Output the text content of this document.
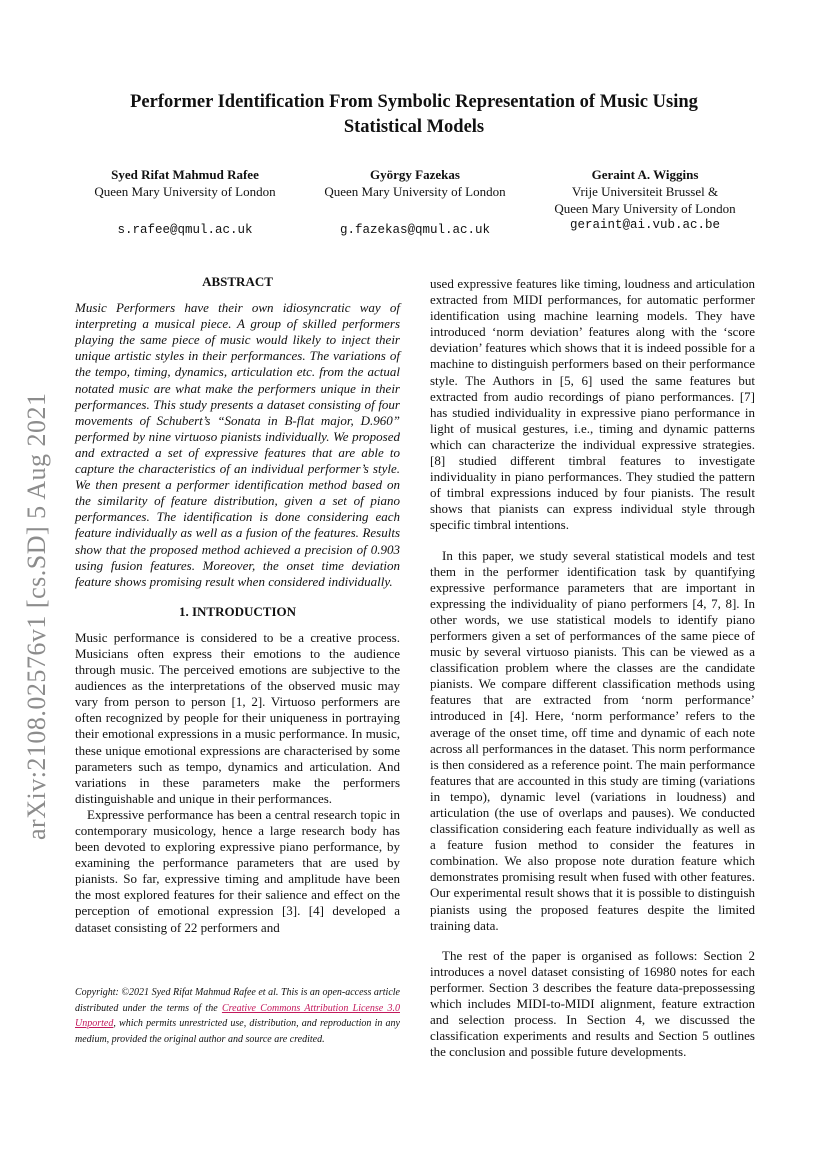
Performer Identification From Symbolic Representation of Music Using
Statistical Models
Syed Rifat Mahmud Rafee
Queen Mary University of London
s.rafee@qmul.ac.uk
György Fazekas
Queen Mary University of London
g.fazekas@qmul.ac.uk
Geraint A. Wiggins
Vrije Universiteit Brussel &
Queen Mary University of London
geraint@ai.vub.ac.be
arXiv:2108.02576v1 [cs.SD] 5 Aug 2021
ABSTRACT

Music Performers have their own idiosyncratic way of interpreting a musical piece. A group of skilled performers playing the same piece of music would likely to inject their unique artistic styles in their performances. The variations of the tempo, timing, dynamics, articulation etc. from the actual notated music are what make the performers unique in their performances. This study presents a dataset consisting of four movements of Schubert’s “Sonata in B-flat major, D.960” performed by nine virtuoso pianists individually. We proposed and extracted a set of expressive features that are able to capture the characteristics of an individual performer’s style. We then present a performer identification method based on the similarity of feature distribution, given a set of piano performances. The identification is done considering each feature individually as well as a fusion of the features. Results show that the proposed method achieved a precision of 0.903 using fusion features. Moreover, the onset time deviation feature shows promising result when considered individually.

1. INTRODUCTION

Music performance is considered to be a creative process. Musicians often express their emotions to the audience through music. The perceived emotions are subjective to the audiences as the interpretations of the observed music may vary from person to person [1, 2]. Virtuoso performers are often recognized by people for their uniqueness in portraying their emotional expressions in a music performance. In music, these unique emotional expressions are characterised by some parameters such as tempo, dynamics and articulation. And variations in these parameters make the performers distinguishable and unique in their performances.

Expressive performance has been a central research topic in contemporary musicology, hence a large research body has been devoted to exploring expressive piano performance, by examining the performance parameters that are used by pianists. So far, expressive timing and amplitude have been the most explored features for their salience and effect on the perception of emotional expression [3]. [4] developed a dataset consisting of 22 performers and

Copyright: ©2021 Syed Rifat Mahmud Rafee et al. This is an open-access article distributed under the terms of the Creative Commons Attribution License 3.0 Unported, which permits unrestricted use, distribution, and reproduction in any medium, provided the original author and source are credited.

used expressive features like timing, loudness and articulation extracted from MIDI performances, for automatic performer identification using machine learning models. They have introduced ‘norm deviation’ features along with the ‘score deviation’ features which shows that it is indeed possible for a machine to distinguish performers based on their performance style. The Authors in [5, 6] used the same features but extracted from audio recordings of piano performances. [7] has studied individuality in expressive piano performance in light of musical gestures, i.e., timing and dynamic patterns which can characterize the individual expressive strategies. [8] studied different timbral features to investigate individuality in piano performances. They studied the pattern of timbral expressions induced by four pianists. The result shows that pianists can express individual style through specific timbral intentions.

In this paper, we study several statistical models and test them in the performer identification task by quantifying expressive performance parameters that are important in expressing the individuality of piano performers [4, 7, 8]. In other words, we use statistical models to identify piano performers given a set of performances of the same piece of music by several virtuoso pianists. This can be viewed as a classification problem where the classes are the candidate pianists. We compare different classification methods using features that are extracted from ‘norm performance’ introduced in [4]. Here, ‘norm performance’ refers to the average of the onset time, off time and dynamic of each note across all performances in the dataset. This norm performance is then considered as a reference point. The main performance features that are accounted in this study are timing (variations in tempo), dynamic level (variations in loudness) and articulation (the use of overlaps and pauses). We conducted classification considering each feature individually as well as a feature fusion method to consider the features in combination. We also propose note duration feature which demonstrates promising result when fused with other features. Our experimental result shows that it is possible to distinguish pianists using the proposed features despite the limited training data.

The rest of the paper is organised as follows: Section 2 introduces a novel dataset consisting of 16980 notes for each performer. Section 3 describes the feature data-prepossessing which includes MIDI-to-MIDI alignment, feature extraction and selection process. In Section 4, we discussed the classification experiments and results and Section 5 outlines the conclusion and possible future developments.
